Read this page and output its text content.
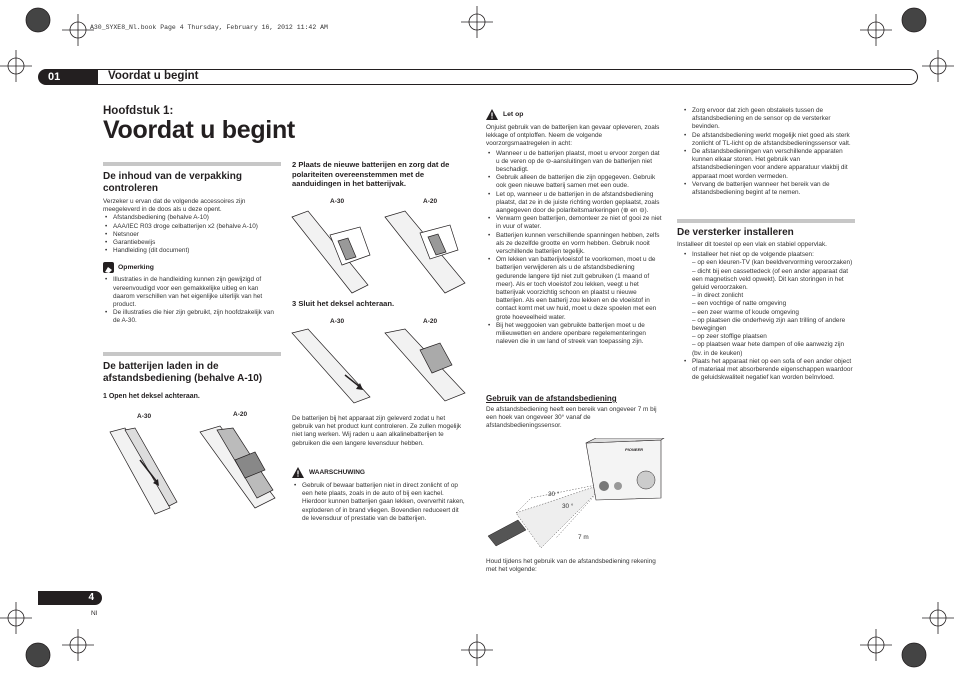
A30_SYXE8_Nl.book Page 4 Thursday, February 16, 2012 11:42 AM
01	Voordat u begint
Hoofdstuk 1:
Voordat u begint
De inhoud van de verpakking controleren
Verzeker u ervan dat de volgende accessoires zijn meegeleverd in de doos als u deze opent.
• Afstandsbediening (behalve A-10)
• AAA/IEC R03 droge celbatterijen x2 (behalve A-10)
• Netsnoer
• Garantiebewijs
• Handleiding (dit document)
Opmerking
• Illustraties in de handleiding kunnen zijn gewijzigd of vereenvoudigd voor een gemakkelijke uitleg en kan daarom verschillen van het eigenlijke uiterlijk van het product.
• De illustraties die hier zijn gebruikt, zijn hoofdzakelijk van de A-30.
De batterijen laden in de afstandsbediening (behalve A-10)
1 Open het deksel achteraan.
A-30	A-20
2 Plaats de nieuwe batterijen en zorg dat de polariteiten overeenstemmen met de aanduidingen in het batterijvak.
A-30	A-20
3 Sluit het deksel achteraan.
A-30	A-20
De batterijen bij het apparaat zijn geleverd zodat u het gebruik van het product kunt controleren. Ze zullen mogelijk niet lang werken. Wij raden u aan alkalinebatterijen te gebruiken die een langere levensduur hebben.
WAARSCHUWING
• Gebruik of bewaar batterijen niet in direct zonlicht of op een hete plaats, zoals in de auto of bij een kachel. Hierdoor kunnen batterijen gaan lekken, oververhit raken, exploderen of in brand vliegen. Bovendien reduceert dit de levensduur of prestatie van de batterijen.
Let op
Onjuist gebruik van de batterijen kan gevaar opleveren, zoals lekkage of ontploffen. Neem de volgende voorzorgsmaatregelen in acht:
• Wanneer u de batterijen plaatst, moet u ervoor zorgen dat u de veren op de ⊖-aansluitingen van de batterijen niet beschadigt.
• Gebruik alleen de batterijen die zijn opgegeven. Gebruik ook geen nieuwe batterij samen met een oude.
• Let op, wanneer u de batterijen in de afstandsbediening plaatst, dat ze in de juiste richting worden geplaatst, zoals aangegeven door de polariteitsmarkeringen (⊕ en ⊖).
• Verwarm geen batterijen, demonteer ze niet of gooi ze niet in vuur of water.
• Batterijen kunnen verschillende spanningen hebben, zelfs als ze dezelfde grootte en vorm hebben. Gebruik nooit verschillende batterijen tegelijk.
• Om lekken van batterijvloeistof te voorkomen, moet u de batterijen verwijderen als u de afstandsbediening gedurende langere tijd niet zult gebruiken (1 maand of meer). Als er toch vloeistof zou lekken, veegt u het batterijvak voorzichtig schoon en plaatst u nieuwe batterijen. Als een batterij zou lekken en de vloeistof in contact komt met uw huid, moet u deze spoelen met een grote hoeveelheid water.
• Bij het weggooien van gebruikte batterijen moet u de milieuwetten en andere openbare regelementeringen naleven die in uw land of streek van toepassing zijn.
Gebruik van de afstandsbediening
De afstandsbediening heeft een bereik van ongeveer 7 m bij een hoek van ongeveer 30° vanaf de afstandsbedieningssensor.
PIONEER
30 °
30 °
7 m
Houd tijdens het gebruik van de afstandsbediening rekening met het volgende:
• Zorg ervoor dat zich geen obstakels tussen de afstandsbediening en de sensor op de versterker bevinden.
• De afstandsbediening werkt mogelijk niet goed als sterk zonlicht of TL-licht op de afstandsbedieningssensor valt.
• De afstandsbedieningen van verschillende apparaten kunnen elkaar storen. Het gebruik van afstandsbedieningen voor andere apparatuur vlakbij dit apparaat moet worden vermeden.
• Vervang de batterijen wanneer het bereik van de afstandsbediening begint af te nemen.
De versterker installeren
Installeer dit toestel op een vlak en stabiel oppervlak.
• Installeer het niet op de volgende plaatsen:
– op een kleuren-TV (kan beeldvervorming veroorzaken)
– dicht bij een cassettedeck (of een ander apparaat dat een magnetisch veld opwekt). Dit kan storingen in het geluid veroorzaken.
– in direct zonlicht
– een vochtige of natte omgeving
– een zeer warme of koude omgeving
– op plaatsen die onderhevig zijn aan trilling of andere bewegingen
– op zeer stoffige plaatsen
– op plaatsen waar hete dampen of olie aanwezig zijn (bv. in de keuken)
• Plaats het apparaat niet op een sofa of een ander object of materiaal met absorberende eigenschappen waardoor de geluidskwaliteit negatief kan worden beïnvloed.
4
Nl
